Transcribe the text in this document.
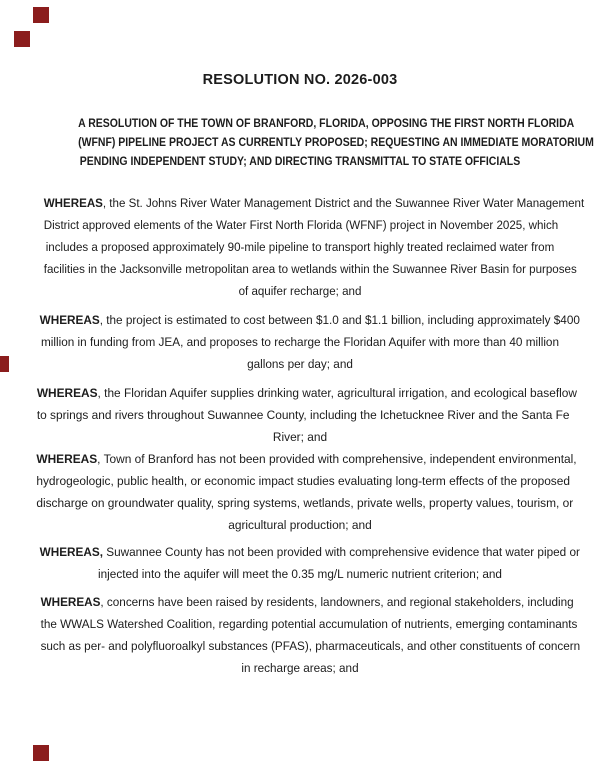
RESOLUTION NO. 2026-003
A RESOLUTION OF THE TOWN OF BRANFORD, FLORIDA, OPPOSING THE FIRST NORTH FLORIDA
(WFNF) PIPELINE PROJECT AS CURRENTLY PROPOSED; REQUESTING AN IMMEDIATE MORATORIUM
PENDING INDEPENDENT STUDY; AND DIRECTING TRANSMITTAL TO STATE OFFICIALS
WHEREAS, the St. Johns River Water Management District and the Suwannee River Water Management
District approved elements of the Water First North Florida (WFNF) project in November 2025, which
includes a proposed approximately 90-mile pipeline to transport highly treated reclaimed water from
facilities in the Jacksonville metropolitan area to wetlands within the Suwannee River Basin for purposes
of aquifer recharge; and
WHEREAS, the project is estimated to cost between $1.0 and $1.1 billion, including approximately $400
million in funding from JEA, and proposes to recharge the Floridan Aquifer with more than 40 million
gallons per day; and
WHEREAS, the Floridan Aquifer supplies drinking water, agricultural irrigation, and ecological baseflow
to springs and rivers throughout Suwannee County, including the Ichetucknee River and the Santa Fe
River; and
WHEREAS, Town of Branford has not been provided with comprehensive, independent environmental,
hydrogeologic, public health, or economic impact studies evaluating long-term effects of the proposed
discharge on groundwater quality, spring systems, wetlands, private wells, property values, tourism, or
agricultural production; and
WHEREAS, Suwannee County has not been provided with comprehensive evidence that water piped or
injected into the aquifer will meet the 0.35 mg/L numeric nutrient criterion; and
WHEREAS, concerns have been raised by residents, landowners, and regional stakeholders, including
the WWALS Watershed Coalition, regarding potential accumulation of nutrients, emerging contaminants
such as per- and polyfluoroalkyl substances (PFAS), pharmaceuticals, and other constituents of concern
in recharge areas; and
